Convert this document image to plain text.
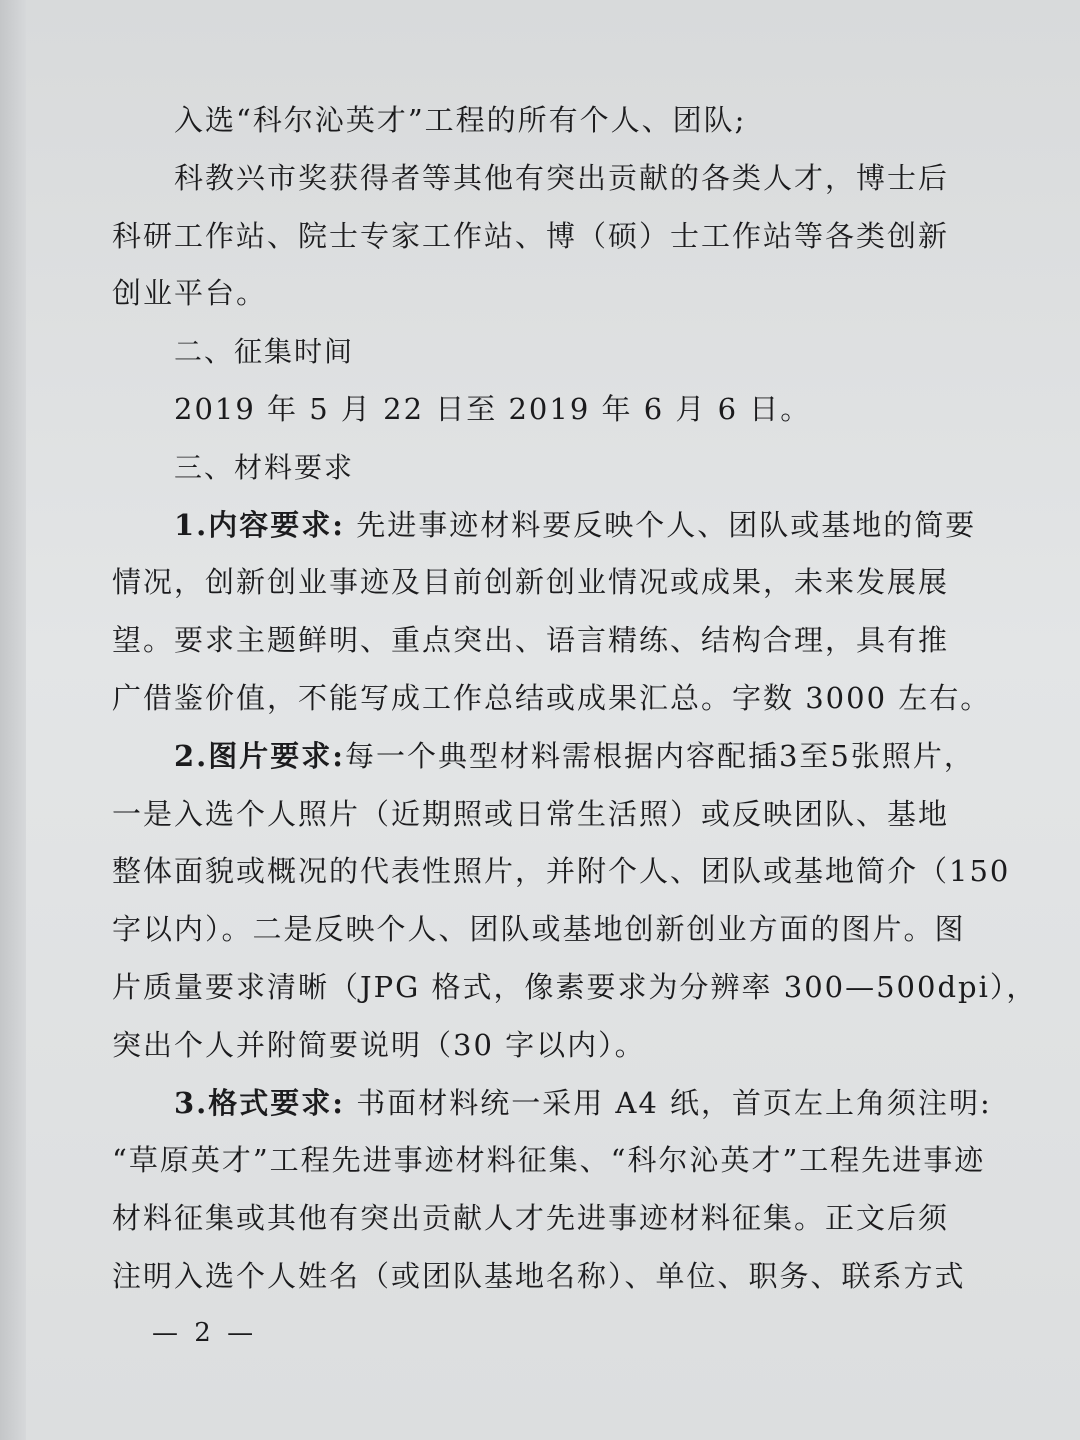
入选“科尔沁英才”工程的所有个人、团队;
科教兴市奖获得者等其他有突出贡献的各类人才，博士后
科研工作站、院士专家工作站、博（硕）士工作站等各类创新
创业平台。
二、征集时间
2019 年 5 月 22 日至 2019 年 6 月 6 日。
三、材料要求
1.内容要求: 先进事迹材料要反映个人、团队或基地的简要
情况，创新创业事迹及目前创新创业情况或成果，未来发展展
望。要求主题鲜明、重点突出、语言精练、结构合理，具有推
广借鉴价值，不能写成工作总结或成果汇总。字数 3000 左右。
2.图片要求:每一个典型材料需根据内容配插3至5张照片，
一是入选个人照片（近期照或日常生活照）或反映团队、基地
整体面貌或概况的代表性照片，并附个人、团队或基地简介（150
字以内）。二是反映个人、团队或基地创新创业方面的图片。图
片质量要求清晰（JPG 格式，像素要求为分辨率 300—500dpi），
突出个人并附简要说明（30 字以内）。
3.格式要求: 书面材料统一采用 A4 纸，首页左上角须注明:
“草原英才”工程先进事迹材料征集、“科尔沁英才”工程先进事迹
材料征集或其他有突出贡献人才先进事迹材料征集。正文后须
注明入选个人姓名（或团队基地名称）、单位、职务、联系方式
— 2 —
